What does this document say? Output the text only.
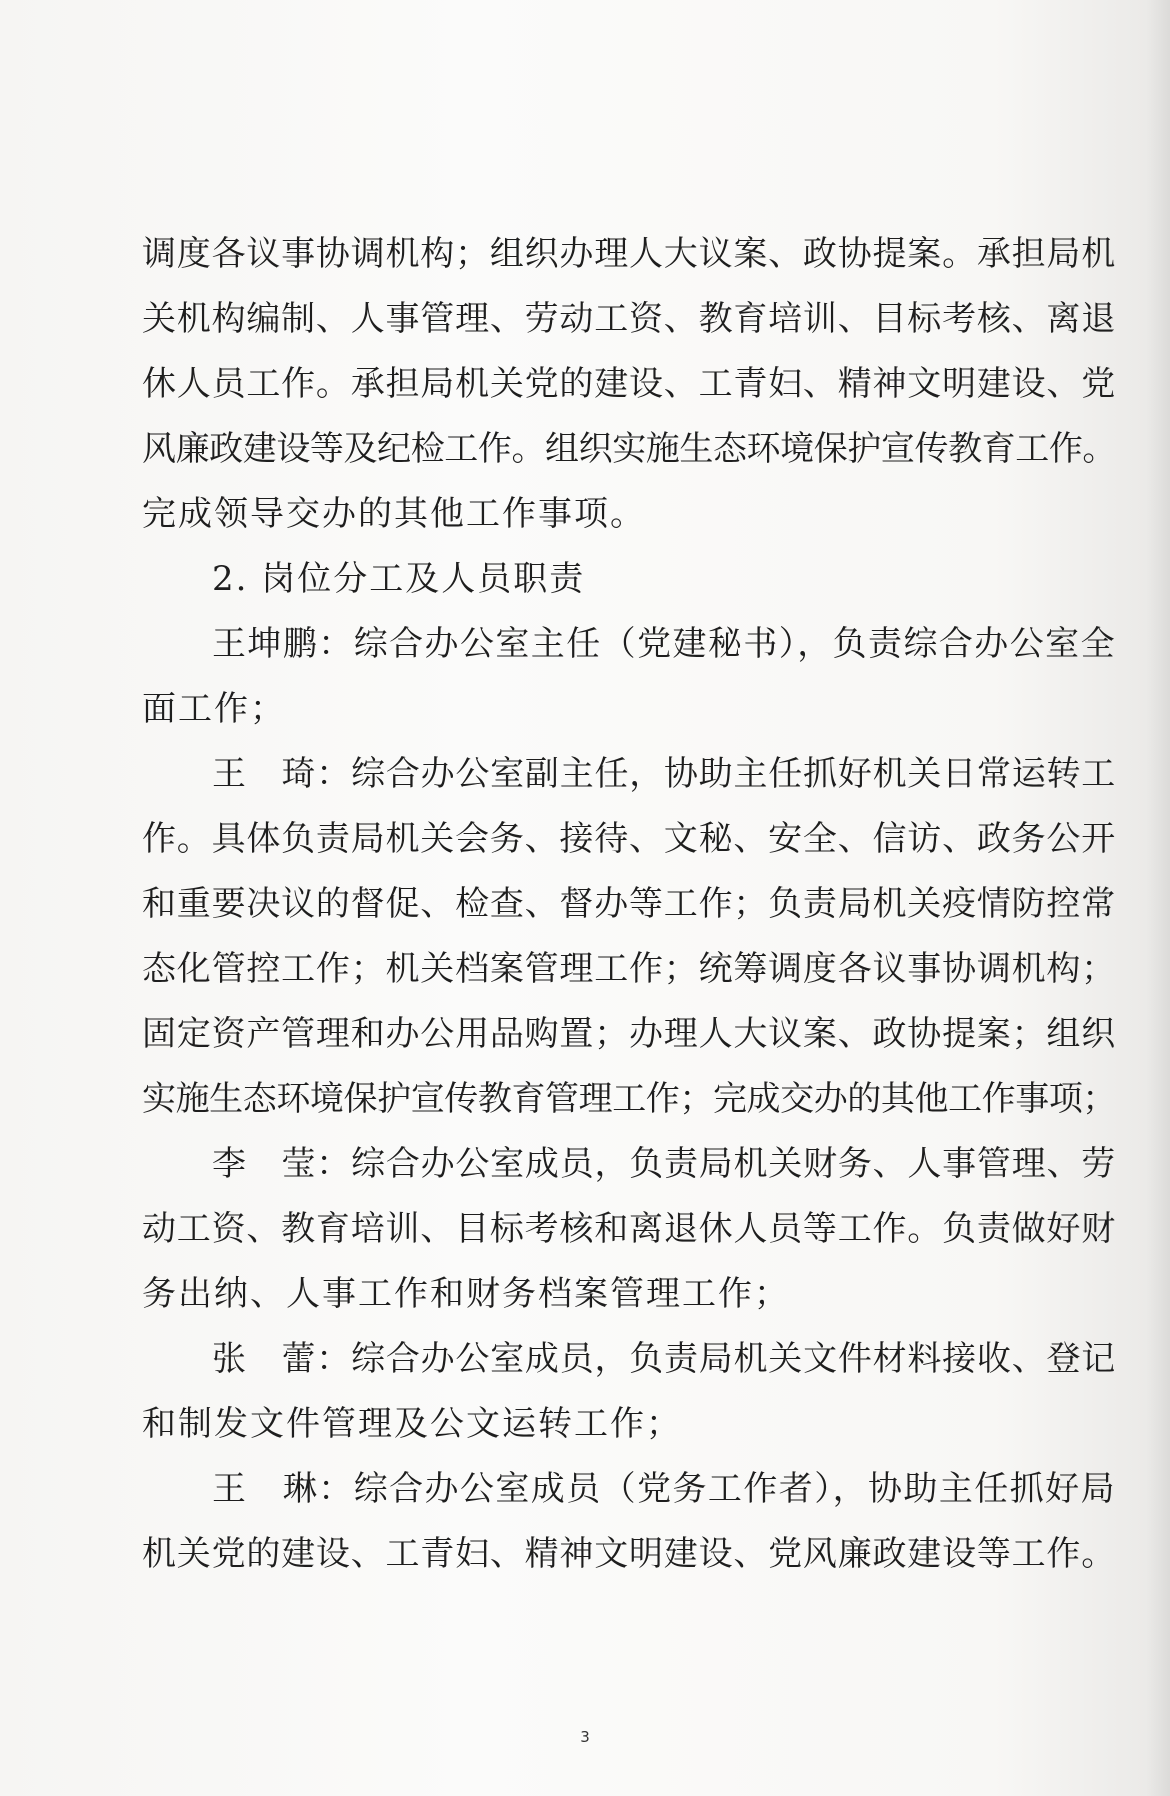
调度各议事协调机构；组织办理人大议案、政协提案。承担局机
关机构编制、人事管理、劳动工资、教育培训、目标考核、离退
休人员工作。承担局机关党的建设、工青妇、精神文明建设、党
风廉政建设等及纪检工作。组织实施生态环境保护宣传教育工作。
完成领导交办的其他工作事项。
2. 岗位分工及人员职责
王坤鹏：综合办公室主任（党建秘书），负责综合办公室全
面工作；
王　琦：综合办公室副主任，协助主任抓好机关日常运转工
作。具体负责局机关会务、接待、文秘、安全、信访、政务公开
和重要决议的督促、检查、督办等工作；负责局机关疫情防控常
态化管控工作；机关档案管理工作；统筹调度各议事协调机构；
固定资产管理和办公用品购置；办理人大议案、政协提案；组织
实施生态环境保护宣传教育管理工作；完成交办的其他工作事项；
李　莹：综合办公室成员，负责局机关财务、人事管理、劳
动工资、教育培训、目标考核和离退休人员等工作。负责做好财
务出纳、人事工作和财务档案管理工作；
张　蕾：综合办公室成员，负责局机关文件材料接收、登记
和制发文件管理及公文运转工作；
王　琳：综合办公室成员（党务工作者），协助主任抓好局
机关党的建设、工青妇、精神文明建设、党风廉政建设等工作。
3
